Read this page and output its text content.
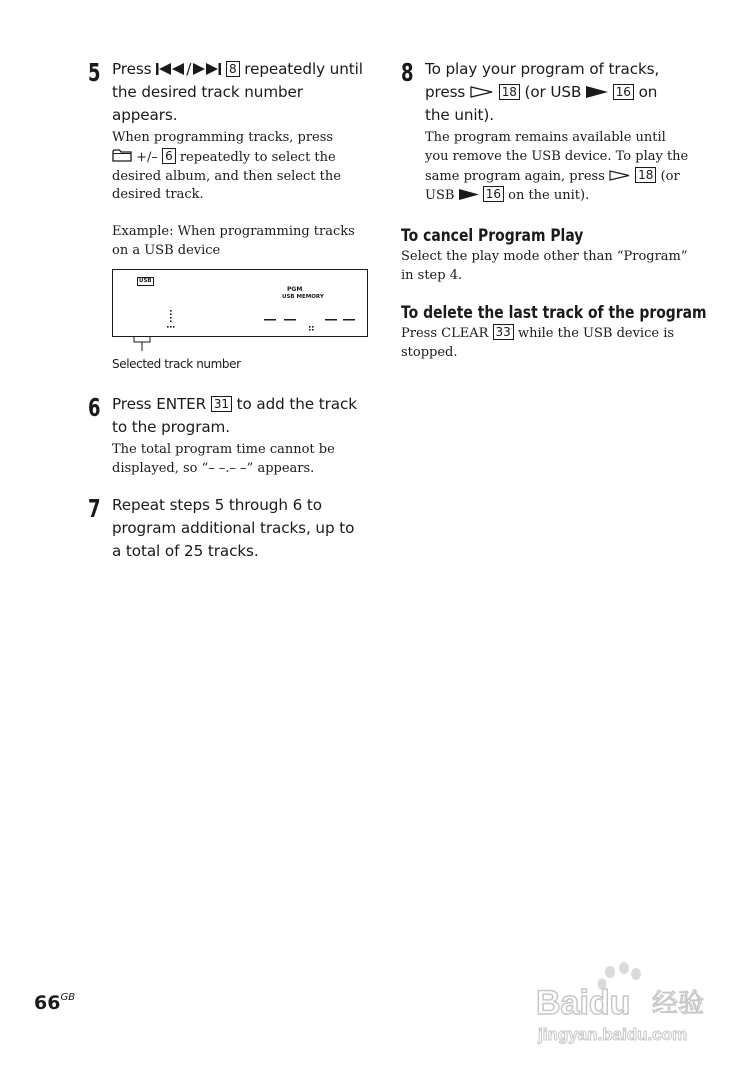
5 Press /	8 repeatedly until the desired track number appears.
When programming tracks, press
+/– 6 repeatedly to select the desired album, and then select the desired track.
Example: When programming tracks on a USB device
USB
PGM
USB MEMORY
Selected track number
6 Press ENTER 31 to add the track to the program.
The total program time cannot be displayed, so “– –.– –” appears.
7 Repeat steps 5 through 6 to program additional tracks, up to a total of 25 tracks.
8 To play your program of tracks,
press	18 (or USB	16 on
the unit).
The program remains available until you remove the USB device. To play the same program again, press	18 (or USB	16 on the unit).
To cancel Program Play
Select the play mode other than “Program” in step 4.
To delete the last track of the program
Press CLEAR 33 while the USB device is stopped.
$66^{GB}$	Baidu 经验
jingyan.baidu.com
